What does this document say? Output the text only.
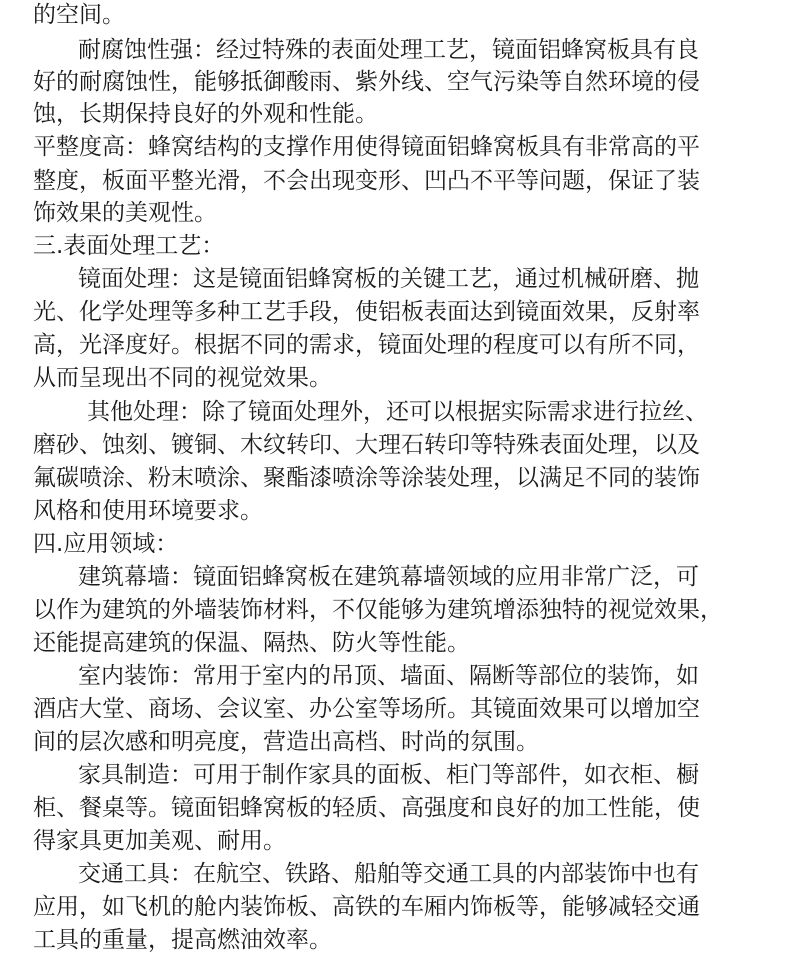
的空间。

耐腐蚀性强：经过特殊的表面处理工艺，镜面铝蜂窝板具有良

好的耐腐蚀性，能够抵御酸雨、紫外线、空气污染等自然环境的侵

蚀，长期保持良好的外观和性能。

平整度高：蜂窝结构的支撑作用使得镜面铝蜂窝板具有非常高的平

整度，板面平整光滑，不会出现变形、凹凸不平等问题，保证了装

饰效果的美观性。

三.表面处理工艺：

镜面处理：这是镜面铝蜂窝板的关键工艺，通过机械研磨、抛

光、化学处理等多种工艺手段，使铝板表面达到镜面效果，反射率

高，光泽度好。根据不同的需求，镜面处理的程度可以有所不同，

从而呈现出不同的视觉效果。

其他处理：除了镜面处理外，还可以根据实际需求进行拉丝、

磨砂、蚀刻、镀铜、木纹转印、大理石转印等特殊表面处理，以及

氟碳喷涂、粉末喷涂、聚酯漆喷涂等涂装处理，以满足不同的装饰

风格和使用环境要求。

四.应用领域：

建筑幕墙：镜面铝蜂窝板在建筑幕墙领域的应用非常广泛，可

以作为建筑的外墙装饰材料，不仅能够为建筑增添独特的视觉效果，

还能提高建筑的保温、隔热、防火等性能。

室内装饰：常用于室内的吊顶、墙面、隔断等部位的装饰，如

酒店大堂、商场、会议室、办公室等场所。其镜面效果可以增加空

间的层次感和明亮度，营造出高档、时尚的氛围。

家具制造：可用于制作家具的面板、柜门等部件，如衣柜、橱

柜、餐桌等。镜面铝蜂窝板的轻质、高强度和良好的加工性能，使

得家具更加美观、耐用。

交通工具：在航空、铁路、船舶等交通工具的内部装饰中也有

应用，如飞机的舱内装饰板、高铁的车厢内饰板等，能够减轻交通

工具的重量，提高燃油效率。
